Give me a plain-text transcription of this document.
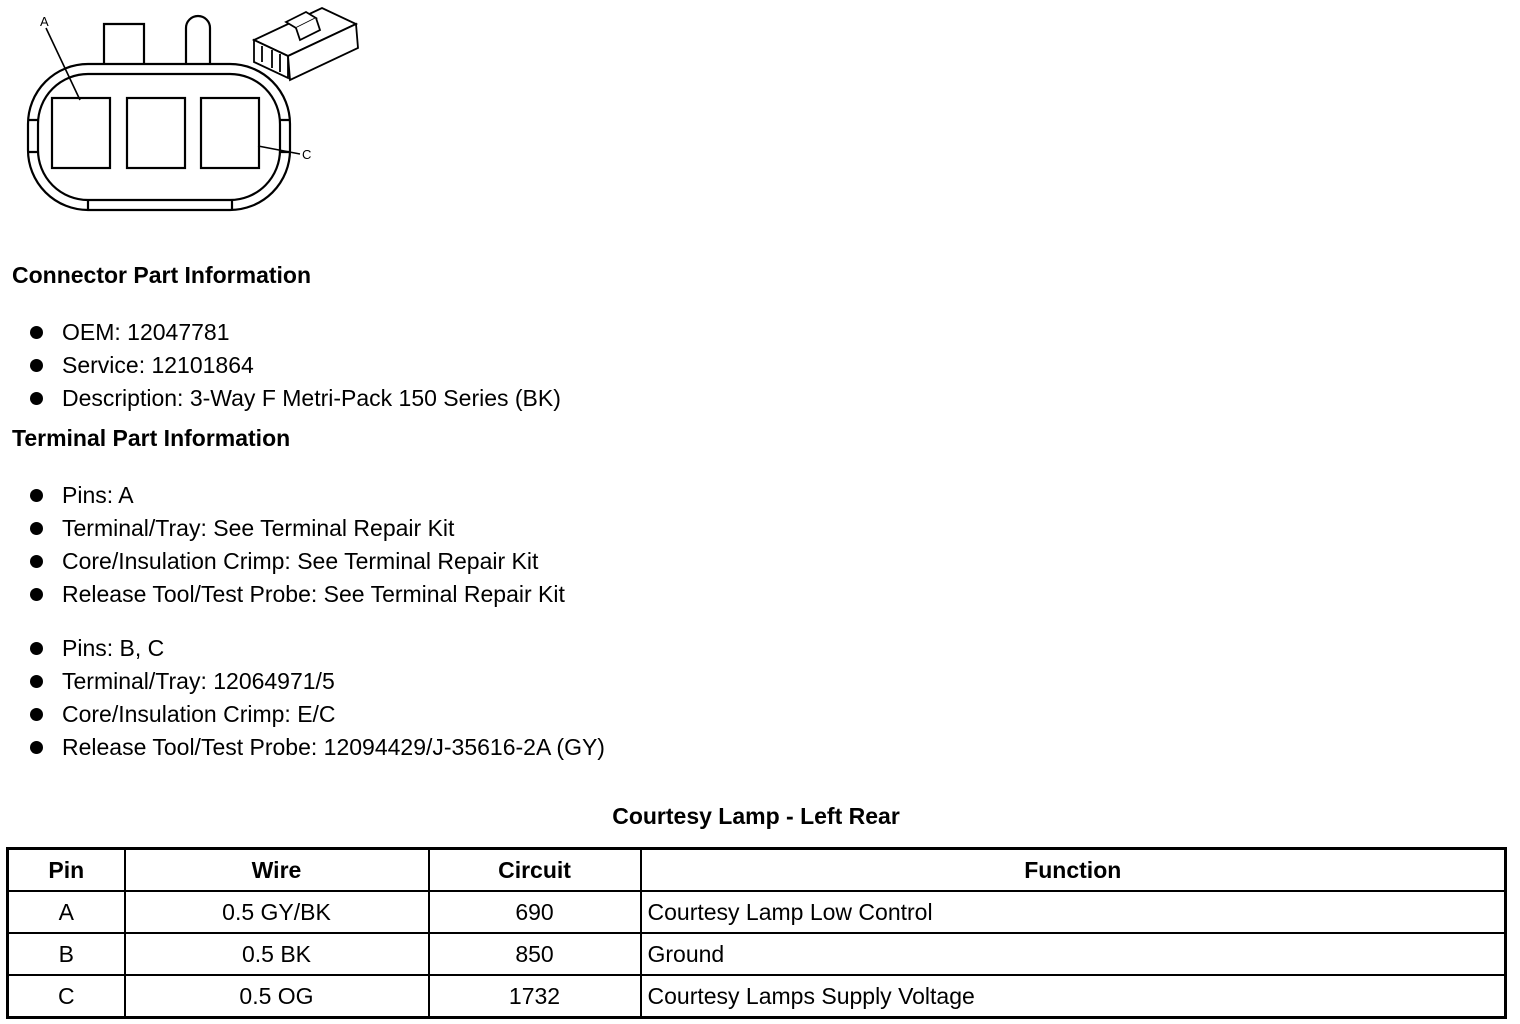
A
C
Connector Part Information
OEM: 12047781
Service: 12101864
Description: 3-Way F Metri-Pack 150 Series (BK)
Terminal Part Information
Pins: A
Terminal/Tray: See Terminal Repair Kit
Core/Insulation Crimp: See Terminal Repair Kit
Release Tool/Test Probe: See Terminal Repair Kit
Pins: B, C
Terminal/Tray: 12064971/5
Core/Insulation Crimp: E/C
Release Tool/Test Probe: 12094429/J-35616-2A (GY)
Courtesy Lamp - Left Rear
Pin	Wire	Circuit	Function
A	0.5 GY/BK	690	Courtesy Lamp Low Control
B	0.5 BK	850	Ground
C	0.5 OG	1732	Courtesy Lamps Supply Voltage
